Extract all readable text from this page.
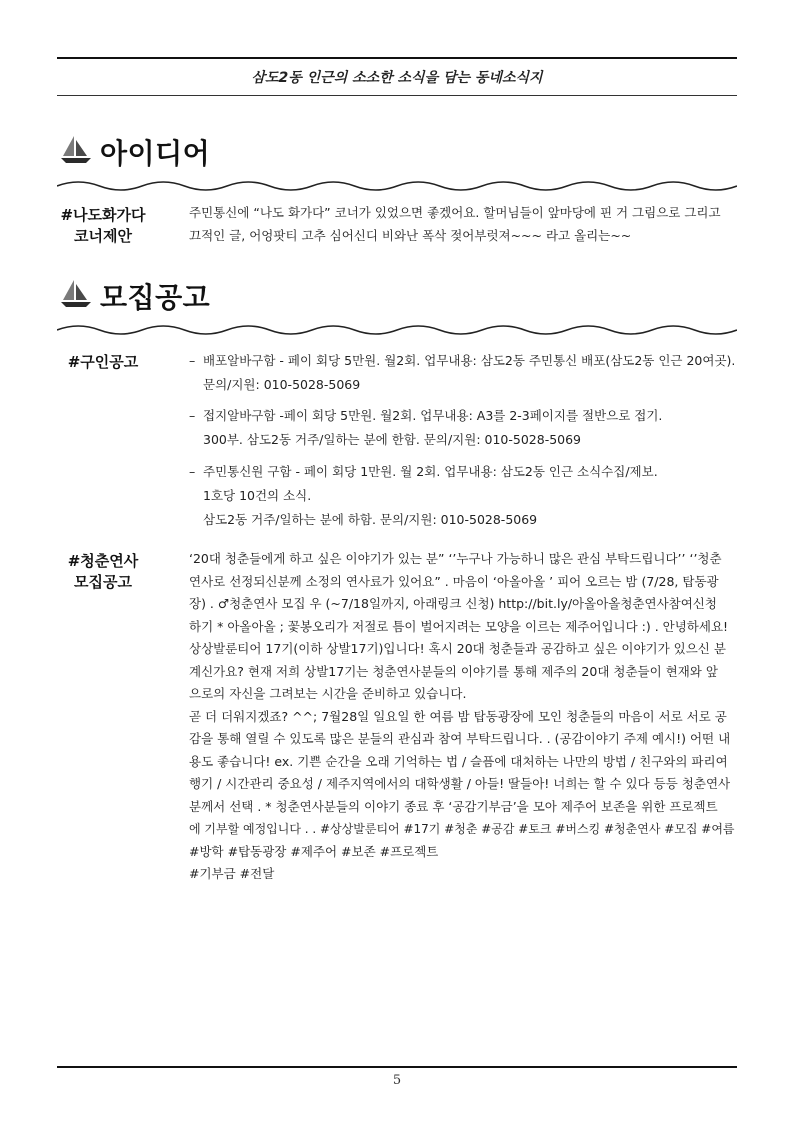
삼도2동 인근의 소소한 소식을 담는 동네소식지
아이디어
#나도화가다
코너제안
주민통신에 “나도 화가다” 코너가 있었으면 좋겠어요. 할머님들이 앞마당에 핀 거 그림으로 그리고
끄적인 글, 어엉팟티 고추 심어신디 비와난 폭삭 젖어부럿져~~~ 라고 올리는~~
모집공고
#구인공고
–	배포알바구함 - 페이 회당 5만원. 월2회. 업무내용: 삼도2동 주민통신 배포(삼도2동 인근 20여곳).
문의/지원: 010-5028-5069
– 접지알바구함 -페이 회당 5만원. 월2회. 업무내용: A3를 2-3페이지를 절반으로 접기.
300부. 삼도2동 거주/일하는 분에 한함. 문의/지원: 010-5028-5069
– 주민통신원 구함 - 페이 회당 1만원. 월 2회. 업무내용: 삼도2동 인근 소식수집/제보.
1호당 10건의 소식.
삼도2동 거주/일하는 분에 하함. 문의/지원: 010-5028-5069
#청춘연사
모집공고
‘20대 청춘들에게 하고 싶은 이야기가 있는 분” ‘’누구나 가능하니 많은 관심 부탁드립니다’’ ‘’청춘
연사로 선정되신분께 소정의 연사료가 있어요” . 마음이 ‘아올아올 ’ 피어 오르는 밤 (7/28, 탑동광
장) . ♂청춘연사 모집 우 (~7/18일까지, 아래링크 신청) http://bit.ly/아올아올청춘연사참여신청
하기 * 아올아올 ; 꽃봉오리가 저절로 틈이 벌어지려는 모양을 이르는 제주어입니다 :) . 안녕하세요!
상상발룬티어 17기(이하 상발17기)입니다! 혹시 20대 청춘들과 공감하고 싶은 이야기가 있으신 분
계신가요? 현재 저희 상발17기는 청춘연사분들의 이야기를 통해 제주의 20대 청춘들이 현재와 앞
으로의 자신을 그려보는 시간을 준비하고 있습니다.
곧 더 더워지겠죠? ^^; 7월28일 일요일 한 여름 밤 탑동광장에 모인 청춘들의 마음이 서로 서로 공
감을 통해 열릴 수 있도록 많은 분들의 관심과 참여 부탁드립니다. . (공감이야기 주제 예시!) 어떤 내
용도 좋습니다! ex. 기쁜 순간을 오래 기억하는 법 / 슬픔에 대처하는 나만의 방법 / 친구와의 파리여
행기 / 시간관리 중요성 / 제주지역에서의 대학생활 / 아들! 딸들아! 너희는 할 수 있다 등등 청춘연사
분께서 선택 . * 청춘연사분들의 이야기 종료 후 ‘공감기부금’을 모아 제주어 보존을 위한 프로젝트
에 기부할 예정입니다 . . #상상발룬티어 #17기 #청춘 #공감 #토크 #버스킹 #청춘연사 #모집 #여름
#방학 #탑동광장 #제주어 #보존 #프로젝트
#기부금 #전달
5
